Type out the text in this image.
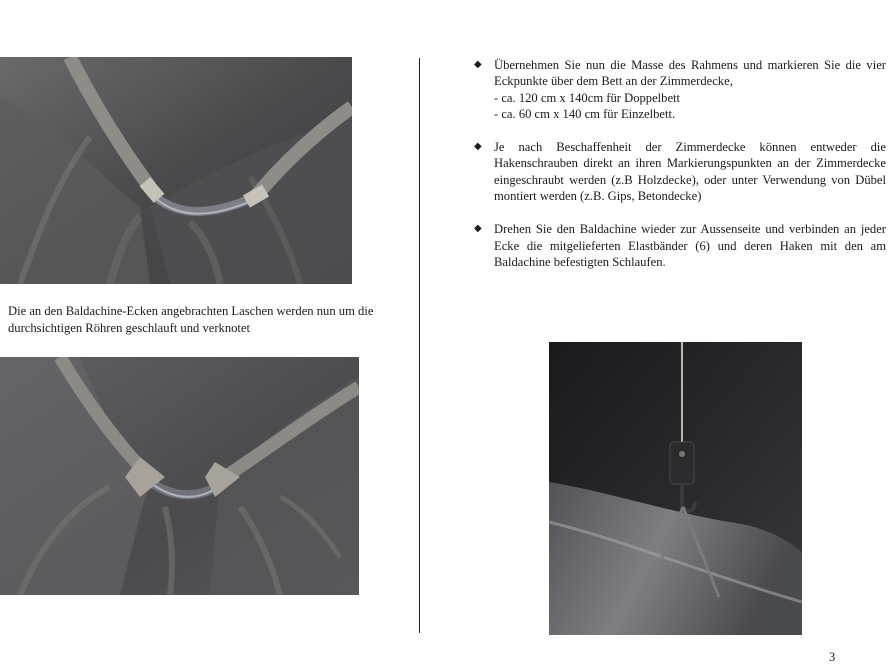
Die an den Baldachine-Ecken angebrachten Laschen werden nun um die durchsichtigen Röhren geschlauft und verknotet
◆ Übernehmen Sie nun die Masse des Rahmens und markieren Sie die vier Eckpunkte über dem Bett an der Zimmerdecke,
- ca. 120 cm x 140cm für Doppelbett
- ca. 60 cm x 140 cm für Einzelbett.
◆ Je nach Beschaffenheit der Zimmerdecke können entweder die Hakenschrauben direkt an ihren Markierungspunkten an der Zimmerdecke eingeschraubt werden (z.B Holzdecke), oder unter Verwendung von Dübel montiert werden (z.B. Gips, Betondecke)
◆ Drehen Sie den Baldachine wieder zur Aussenseite und verbinden an jeder Ecke die mitgelieferten Elastbänder (6) und deren Haken mit den am Baldachine befestigten Schlaufen.
3
